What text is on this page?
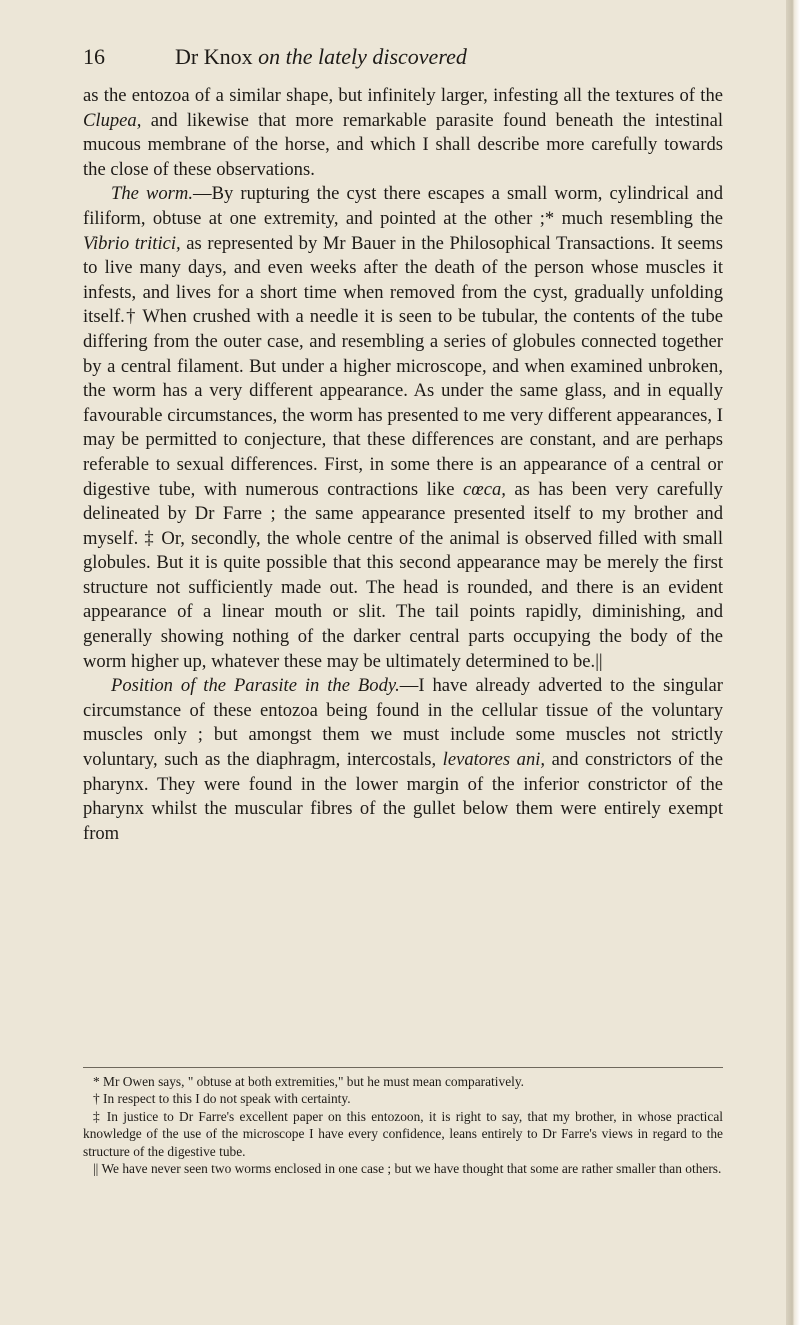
16	Dr Knox on the lately discovered

as the entozoa of a similar shape, but infinitely larger, infesting all the textures of the Clupea, and likewise that more remarkable parasite found beneath the intestinal mucous membrane of the horse, and which I shall describe more carefully towards the close of these observations.

The worm.—By rupturing the cyst there escapes a small worm, cylindrical and filiform, obtuse at one extremity, and pointed at the other ;* much resembling the Vibrio tritici, as represented by Mr Bauer in the Philosophical Transactions. It seems to live many days, and even weeks after the death of the person whose muscles it infests, and lives for a short time when removed from the cyst, gradually unfolding itself.† When crushed with a needle it is seen to be tubular, the contents of the tube differing from the outer case, and resembling a series of globules connected together by a central filament. But under a higher microscope, and when examined unbroken, the worm has a very different appearance. As under the same glass, and in equally favourable circumstances, the worm has presented to me very different appearances, I may be permitted to conjecture, that these differences are constant, and are perhaps referable to sexual differences. First, in some there is an appearance of a central or digestive tube, with numerous contractions like cœca, as has been very carefully delineated by Dr Farre ; the same appearance presented itself to my brother and myself. ‡ Or, secondly, the whole centre of the animal is observed filled with small globules. But it is quite possible that this second appearance may be merely the first structure not sufficiently made out. The head is rounded, and there is an evident appearance of a linear mouth or slit. The tail points rapidly, diminishing, and generally showing nothing of the darker central parts occupying the body of the worm higher up, whatever these may be ultimately determined to be.||

Position of the Parasite in the Body.—I have already adverted to the singular circumstance of these entozoa being found in the cellular tissue of the voluntary muscles only ; but amongst them we must include some muscles not strictly voluntary, such as the diaphragm, intercostals, levatores ani, and constrictors of the pharynx. They were found in the lower margin of the inferior constrictor of the pharynx whilst the muscular fibres of the gullet below them were entirely exempt from

* Mr Owen says, " obtuse at both extremities," but he must mean comparatively.

† In respect to this I do not speak with certainty.

‡ In justice to Dr Farre's excellent paper on this entozoon, it is right to say, that my brother, in whose practical knowledge of the use of the microscope I have every confidence, leans entirely to Dr Farre's views in regard to the structure of the digestive tube.

|| We have never seen two worms enclosed in one case ; but we have thought that some are rather smaller than others.
